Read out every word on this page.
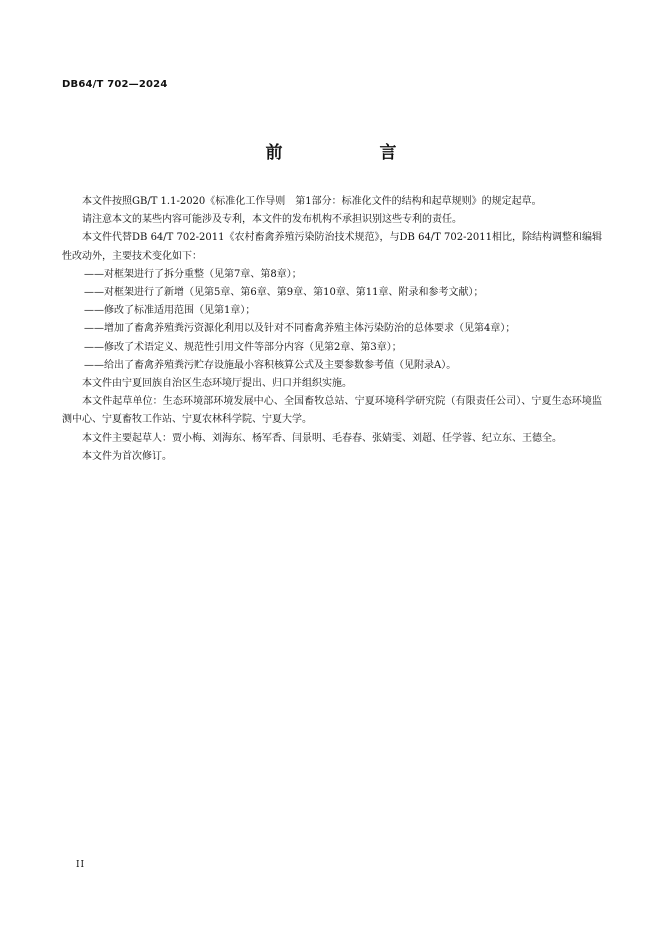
DB64/T 702—2024
前　言

本文件按照GB/T 1.1-2020《标准化工作导则　第1部分：标准化文件的结构和起草规则》的规定起草。

请注意本文的某些内容可能涉及专利，本文件的发布机构不承担识别这些专利的责任。

本文件代替DB 64/T 702-2011《农村畜禽养殖污染防治技术规范》，与DB 64/T 702-2011相比，除结构调整和编辑性改动外，主要技术变化如下：

——对框架进行了拆分重整（见第7章、第8章）；

——对框架进行了新增（见第5章、第6章、第9章、第10章、第11章、附录和参考文献）；

——修改了标准适用范围（见第1章）；

——增加了畜禽养殖粪污资源化利用以及针对不同畜禽养殖主体污染防治的总体要求（见第4章）；

——修改了术语定义、规范性引用文件等部分内容（见第2章、第3章）；

——给出了畜禽养殖粪污贮存设施最小容积核算公式及主要参数参考值（见附录A）。

本文件由宁夏回族自治区生态环境厅提出、归口并组织实施。

本文件起草单位：生态环境部环境发展中心、全国畜牧总站、宁夏环境科学研究院（有限责任公司）、宁夏生态环境监测中心、宁夏畜牧工作站、宁夏农林科学院、宁夏大学。

本文件主要起草人：贾小梅、刘海东、杨军香、闫景明、毛春春、张婧雯、刘超、任学蓉、纪立东、王德全。

本文件为首次修订。

II
